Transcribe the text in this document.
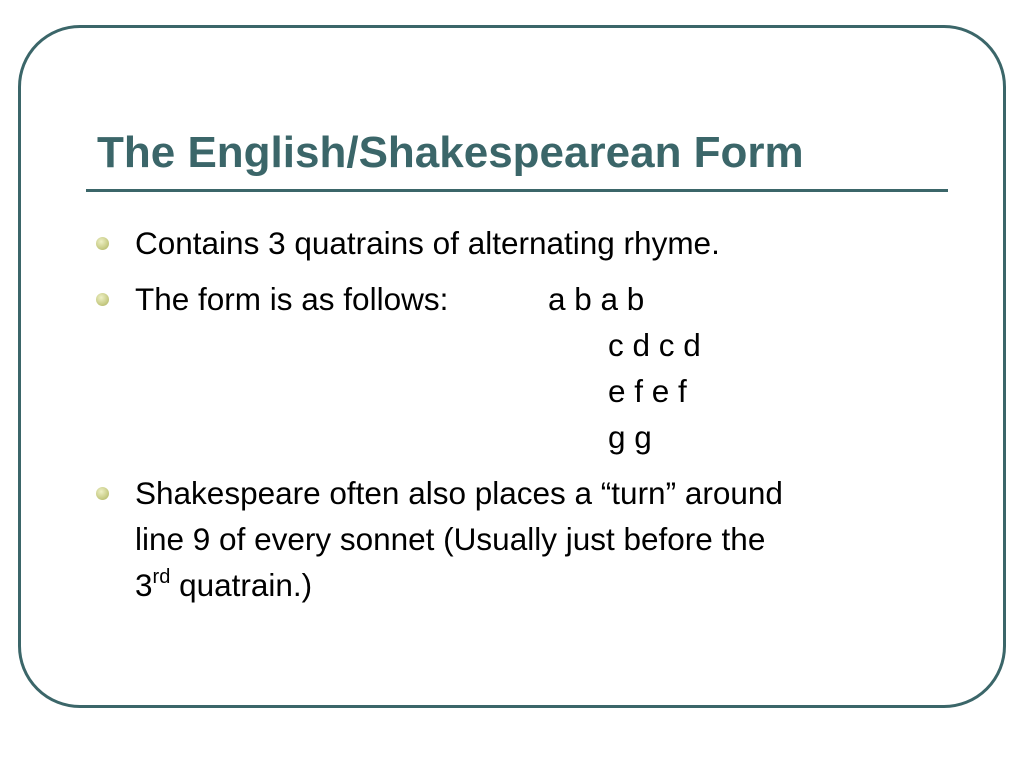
The English/Shakespearean Form
Contains 3 quatrains of alternating rhyme.
The form is as follows:	a b a b
c d c d
e f e f
g g
Shakespeare often also places a “turn” around
line 9 of every sonnet (Usually just before the
3rd quatrain.)
